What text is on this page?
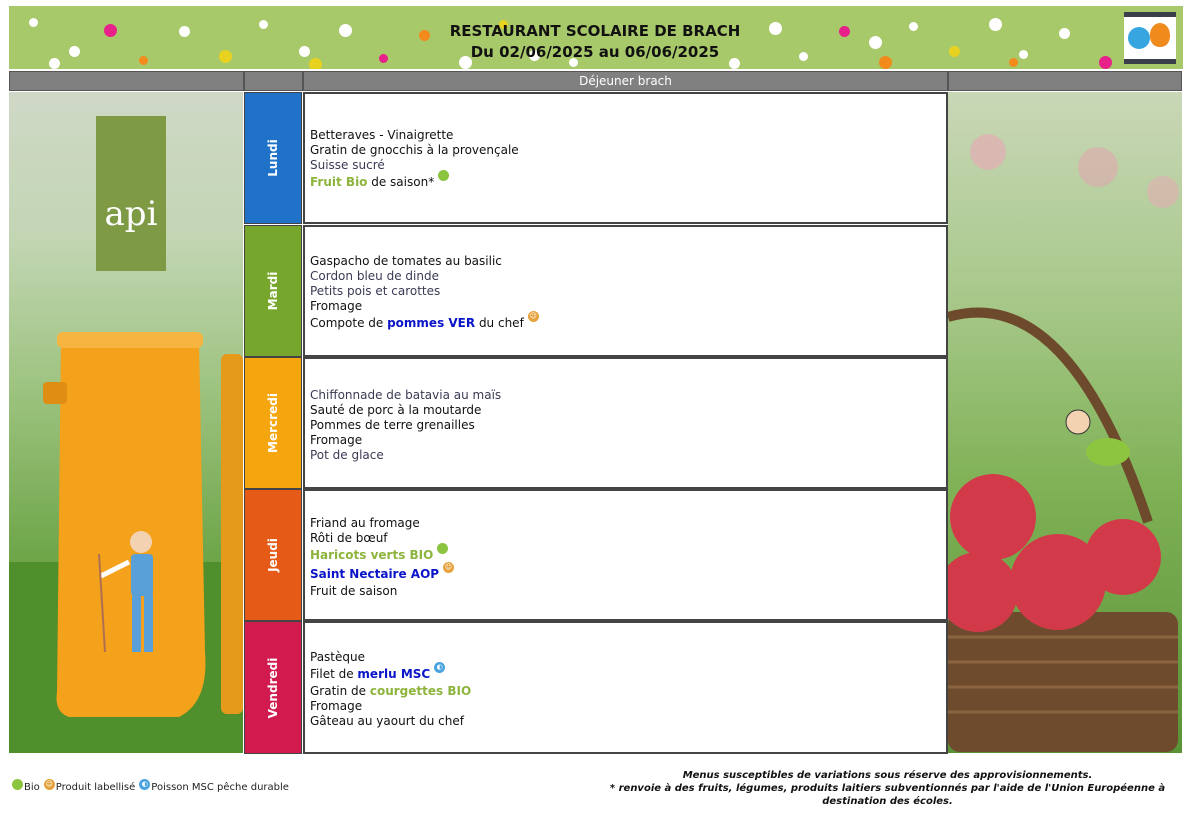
RESTAURANT SCOLAIRE DE BRACH
Du 02/06/2025 au 06/06/2025
Déjeuner brach
api
Lundi
Betteraves - Vinaigrette
Gratin de gnocchis à la provençale
Suisse sucré
Fruit Bio de saison*
Mardi
Gaspacho de tomates au basilic
Cordon bleu de dinde
Petits pois et carottes
Fromage
Compote de pommes VER du chef ☺
Mercredi	Chiffonnade de batavia au maïs
Sauté de porc à la moutarde
Pommes de terre grenailles
Fromage
Pot de glace
Jeudi
Friand au fromage
Rôti de bœuf
Haricots verts BIO
Saint Nectaire AOP ☺
Fruit de saison
Vendredi
Pastèque
Filet de merlu MSC ◐
Gratin de courgettes BIO
Fromage
Gâteau au yaourt du chef
Bio ☺ Produit labellisé ◐ Poisson MSC pêche durable
Menus susceptibles de variations sous réserve des approvisionnements.
* renvoie à des fruits, légumes, produits laitiers subventionnés par l'aide de l'Union Européenne à
destination des écoles.
